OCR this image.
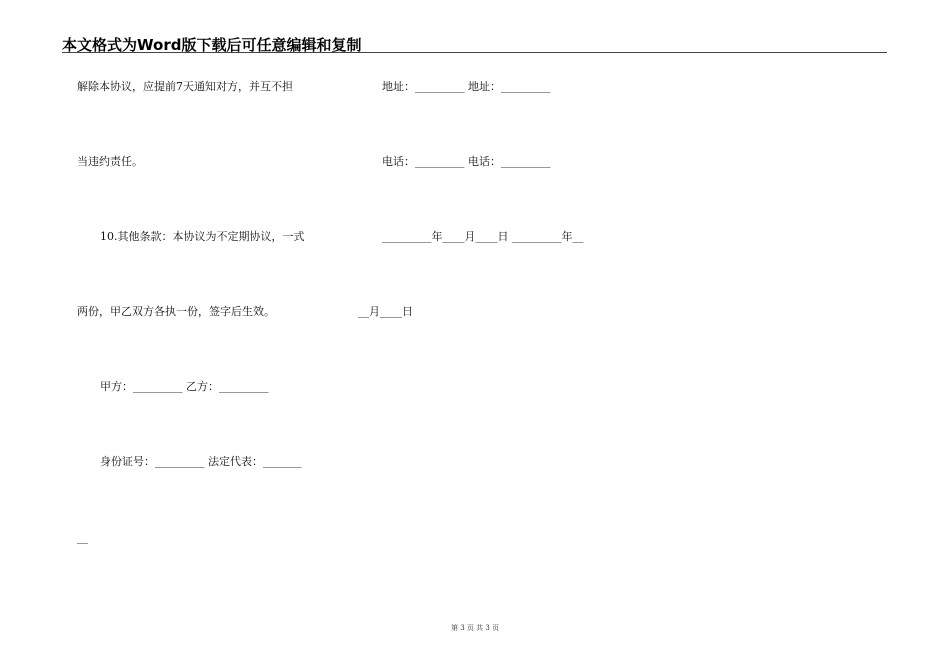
本文格式为Word版下载后可任意编辑和复制
解除本协议，应提前7天通知对方，并互不担
当违约责任。
10.其他条款：本协议为不定期协议，一式
两份，甲乙双方各执一份，签字后生效。
甲方：_________ 乙方：_________
身份证号：_________ 法定代表：_______
__
地址：_________ 地址：_________
电话：_________ 电话：_________
_________年____月____日 _________年__
__月____日
第 3 页 共 3 页
